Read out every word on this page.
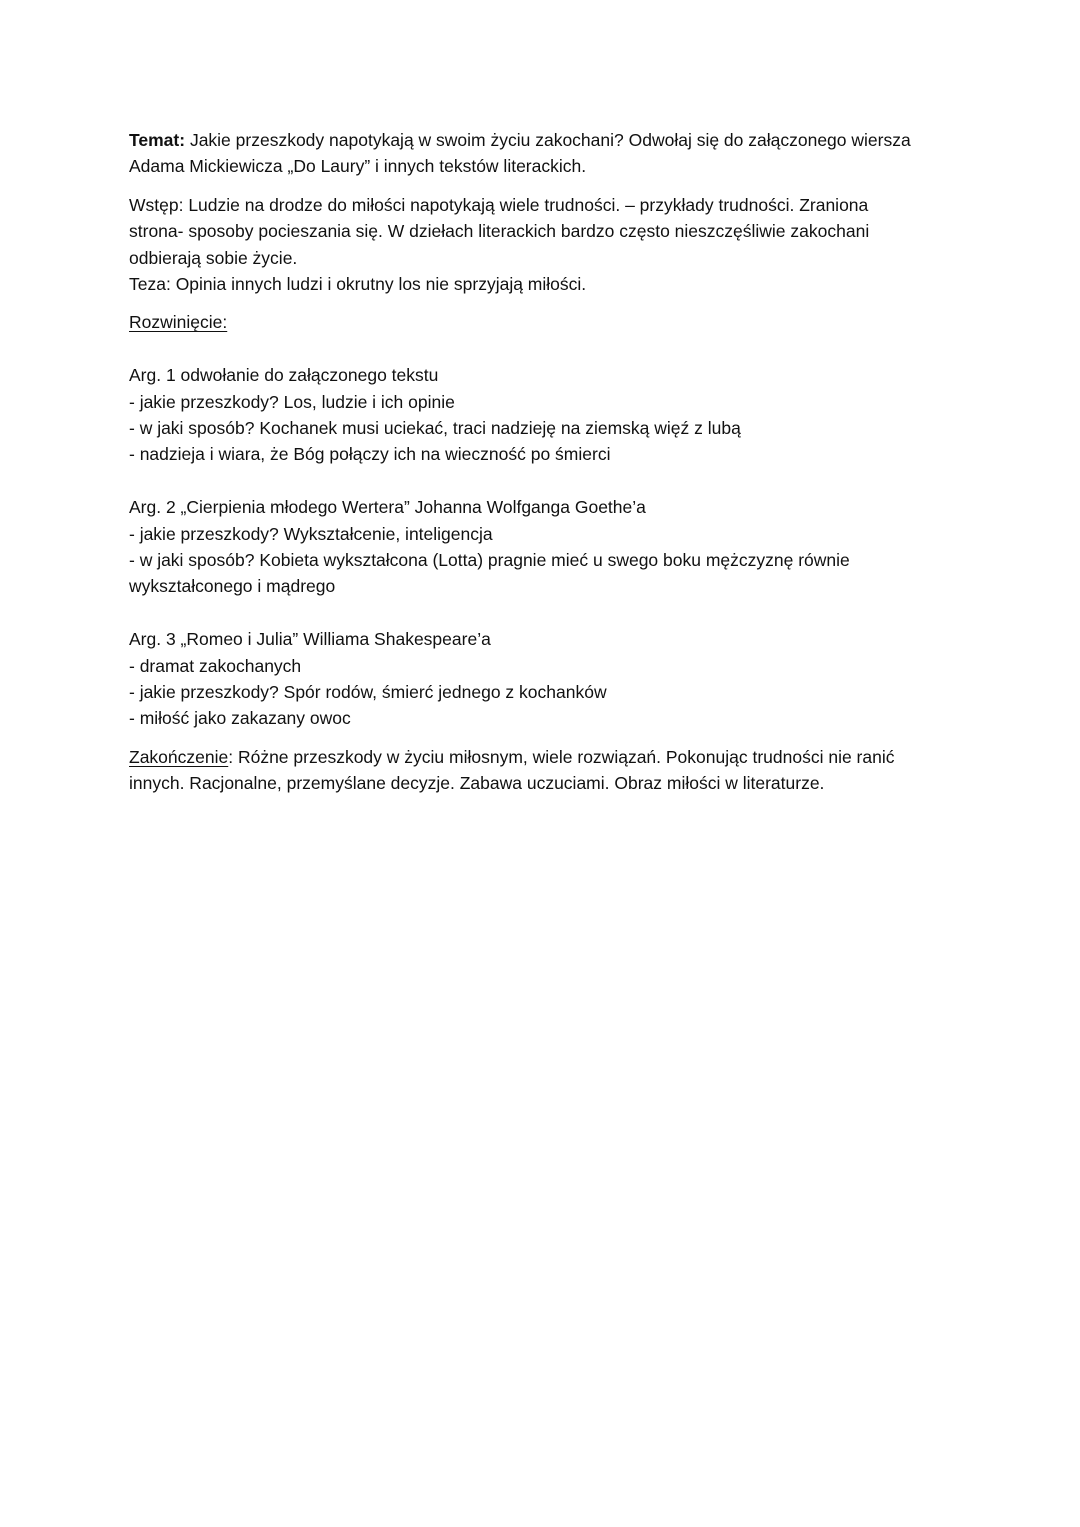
Temat: Jakie przeszkody napotykają w swoim życiu zakochani? Odwołaj się do załączonego wiersza
Adama Mickiewicza „Do Laury” i innych tekstów literackich.
Wstęp: Ludzie na drodze do miłości napotykają wiele trudności. – przykłady trudności. Zraniona
strona- sposoby pocieszania się. W dziełach literackich bardzo często nieszczęśliwie zakochani
odbierają sobie życie.
Teza: Opinia innych ludzi i okrutny los nie sprzyjają miłości.
Rozwinięcie:
Arg. 1 odwołanie do załączonego tekstu
- jakie przeszkody? Los, ludzie i ich opinie
- w jaki sposób? Kochanek musi uciekać, traci nadzieję na ziemską więź z lubą
- nadzieja i wiara, że Bóg połączy ich na wieczność po śmierci
Arg. 2 „Cierpienia młodego Wertera” Johanna Wolfganga Goethe’a
- jakie przeszkody? Wykształcenie, inteligencja
- w jaki sposób? Kobieta wykształcona (Lotta) pragnie mieć u swego boku mężczyznę równie
wykształconego i mądrego
Arg. 3 „Romeo i Julia” Williama Shakespeare’a
- dramat zakochanych
- jakie przeszkody? Spór rodów, śmierć jednego z kochanków
- miłość jako zakazany owoc
Zakończenie: Różne przeszkody w życiu miłosnym, wiele rozwiązań. Pokonując trudności nie ranić
innych. Racjonalne, przemyślane decyzje. Zabawa uczuciami. Obraz miłości w literaturze.
